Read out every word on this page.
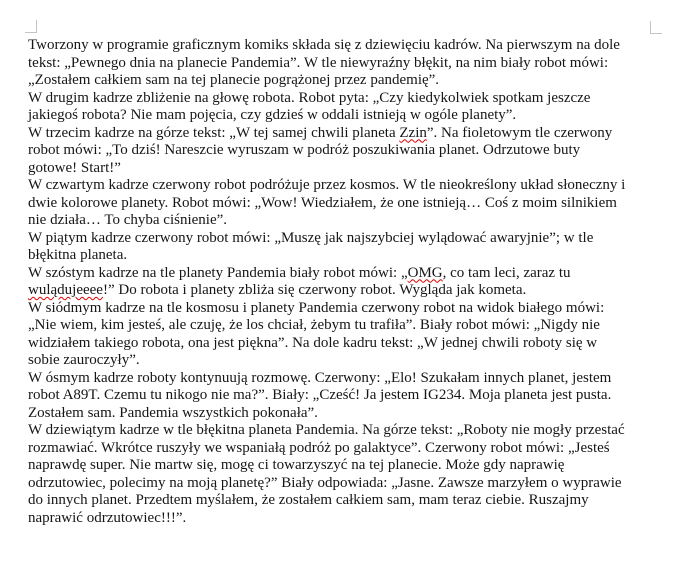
Tworzony w programie graficznym komiks składa się z dziewięciu kadrów. Na pierwszym na dole
tekst: „Pewnego dnia na planecie Pandemia”. W tle niewyraźny błękit, na nim biały robot mówi:
„Zostałem całkiem sam na tej planecie pogrążonej przez pandemię”.
W drugim kadrze zbliżenie na głowę robota. Robot pyta: „Czy kiedykolwiek spotkam jeszcze
jakiegoś robota? Nie mam pojęcia, czy gdzieś w oddali istnieją w ogóle planety”.
W trzecim kadrze na górze tekst: „W tej samej chwili planeta Zzin”. Na fioletowym tle czerwony
robot mówi: „To dziś! Nareszcie wyruszam w podróż poszukiwania planet. Odrzutowe buty
gotowe! Start!”
W czwartym kadrze czerwony robot podróżuje przez kosmos. W tle nieokreślony układ słoneczny i
dwie kolorowe planety. Robot mówi: „Wow! Wiedziałem, że one istnieją… Coś z moim silnikiem
nie działa… To chyba ciśnienie”.
W piątym kadrze czerwony robot mówi: „Muszę jak najszybciej wylądować awaryjnie”; w tle
błękitna planeta.
W szóstym kadrze na tle planety Pandemia biały robot mówi: „OMG, co tam leci, zaraz tu
wulądujeeee!” Do robota i planety zbliża się czerwony robot. Wygląda jak kometa.
W siódmym kadrze na tle kosmosu i planety Pandemia czerwony robot na widok białego mówi:
„Nie wiem, kim jesteś, ale czuję, że los chciał, żebym tu trafiła”. Biały robot mówi: „Nigdy nie
widziałem takiego robota, ona jest piękna”. Na dole kadru tekst: „W jednej chwili roboty się w
sobie zauroczyły”.
W ósmym kadrze roboty kontynuują rozmowę. Czerwony: „Elo! Szukałam innych planet, jestem
robot A89T. Czemu tu nikogo nie ma?”. Biały: „Cześć! Ja jestem IG234. Moja planeta jest pusta.
Zostałem sam. Pandemia wszystkich pokonała”.
W dziewiątym kadrze w tle błękitna planeta Pandemia. Na górze tekst: „Roboty nie mogły przestać
rozmawiać. Wkrótce ruszyły we wspaniałą podróż po galaktyce”. Czerwony robot mówi: „Jesteś
naprawdę super. Nie martw się, mogę ci towarzyszyć na tej planecie. Może gdy naprawię
odrzutowiec, polecimy na moją planetę?” Biały odpowiada: „Jasne. Zawsze marzyłem o wyprawie
do innych planet. Przedtem myślałem, że zostałem całkiem sam, mam teraz ciebie. Ruszajmy
naprawić odrzutowiec!!!”.
